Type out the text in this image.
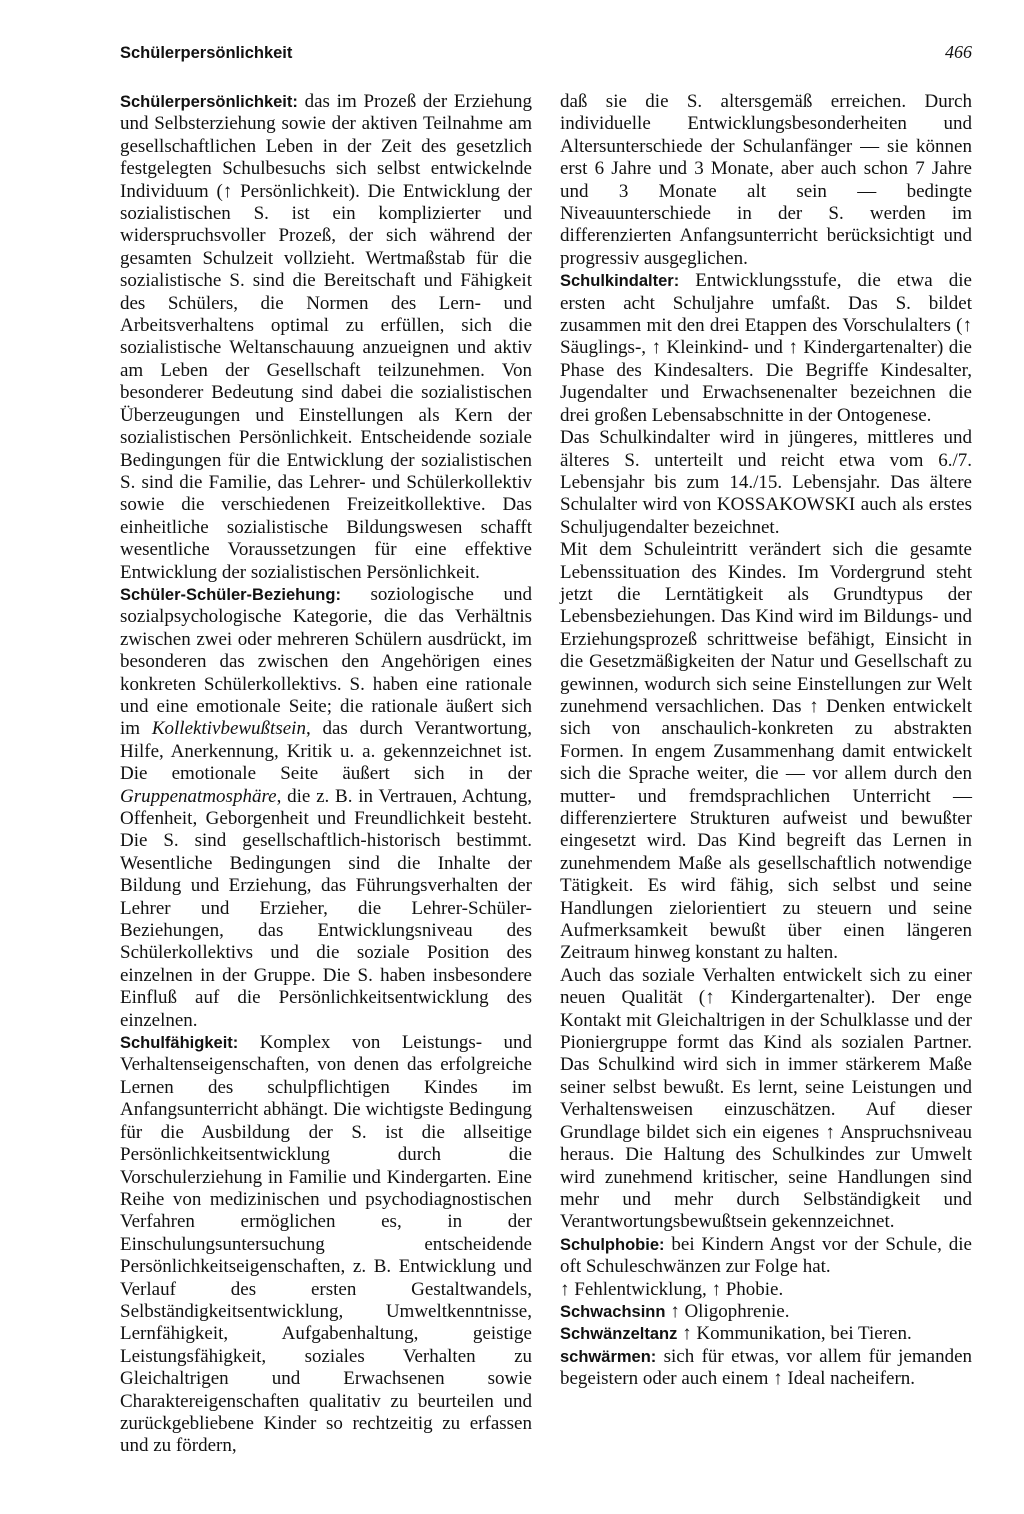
Schülerpersönlichkeit	466

Schülerpersönlichkeit: das im Prozeß der Erziehung und Selbsterziehung sowie der aktiven Teilnahme am gesellschaftlichen Leben in der Zeit des gesetzlich festgelegten Schulbesuchs sich selbst entwickelnde Individuum (↑ Persönlichkeit). Die Entwicklung der sozialistischen S. ist ein komplizierter und widerspruchsvoller Prozeß, der sich während der gesamten Schulzeit vollzieht. Wertmaßstab für die sozialistische S. sind die Bereitschaft und Fähigkeit des Schülers, die Normen des Lern- und Arbeitsverhaltens optimal zu erfüllen, sich die sozialistische Weltanschauung anzueignen und aktiv am Leben der Gesellschaft teilzunehmen. Von besonderer Bedeutung sind dabei die sozialistischen Überzeugungen und Einstellungen als Kern der sozialistischen Persönlichkeit. Entscheidende soziale Bedingungen für die Entwicklung der sozialistischen S. sind die Familie, das Lehrer- und Schülerkollektiv sowie die verschiedenen Freizeitkollektive. Das einheitliche sozialistische Bildungswesen schafft wesentliche Voraussetzungen für eine effektive Entwicklung der sozialistischen Persönlichkeit.

Schüler-Schüler-Beziehung: soziologische und sozialpsychologische Kategorie, die das Verhältnis zwischen zwei oder mehreren Schülern ausdrückt, im besonderen das zwischen den Angehörigen eines konkreten Schülerkollektivs. S. haben eine rationale und eine emotionale Seite; die rationale äußert sich im Kollektivbewußtsein, das durch Verantwortung, Hilfe, Anerkennung, Kritik u. a. gekennzeichnet ist. Die emotionale Seite äußert sich in der Gruppenatmosphäre, die z. B. in Vertrauen, Achtung, Offenheit, Geborgenheit und Freundlichkeit besteht. Die S. sind gesellschaftlich-historisch bestimmt. Wesentliche Bedingungen sind die Inhalte der Bildung und Erziehung, das Führungsverhalten der Lehrer und Erzieher, die Lehrer-Schüler-Beziehungen, das Entwicklungsniveau des Schülerkollektivs und die soziale Position des einzelnen in der Gruppe. Die S. haben insbesondere Einfluß auf die Persönlichkeitsentwicklung des einzelnen.

Schulfähigkeit: Komplex von Leistungs- und Verhaltenseigenschaften, von denen das erfolgreiche Lernen des schulpflichtigen Kindes im Anfangsunterricht abhängt. Die wichtigste Bedingung für die Ausbildung der S. ist die allseitige Persönlichkeitsentwicklung durch die Vorschulerziehung in Familie und Kindergarten. Eine Reihe von medizinischen und psychodiagnostischen Verfahren ermöglichen es, in der Einschulungsuntersuchung entscheidende Persönlichkeitseigenschaften, z. B. Entwicklung und Verlauf des ersten Gestaltwandels, Selbständigkeitsentwicklung, Umweltkenntnisse, Lernfähigkeit, Aufgabenhaltung, geistige Leistungsfähigkeit, soziales Verhalten zu Gleichaltrigen und Erwachsenen sowie Charaktereigenschaften qualitativ zu beurteilen und zurückgebliebene Kinder so rechtzeitig zu erfassen und zu fördern,

daß sie die S. altersgemäß erreichen. Durch individuelle Entwicklungsbesonderheiten und Altersunterschiede der Schulanfänger — sie können erst 6 Jahre und 3 Monate, aber auch schon 7 Jahre und 3 Monate alt sein — bedingte Niveauunterschiede in der S. werden im differenzierten Anfangsunterricht berücksichtigt und progressiv ausgeglichen.

Schulkindalter: Entwicklungsstufe, die etwa die ersten acht Schuljahre umfaßt. Das S. bildet zusammen mit den drei Etappen des Vorschulalters (↑ Säuglings-, ↑ Kleinkind- und ↑ Kindergartenalter) die Phase des Kindesalters. Die Begriffe Kindesalter, Jugendalter und Erwachsenenalter bezeichnen die drei großen Lebensabschnitte in der Ontogenese.

Das Schulkindalter wird in jüngeres, mittleres und älteres S. unterteilt und reicht etwa vom 6./7. Lebensjahr bis zum 14./15. Lebensjahr. Das ältere Schulalter wird von KOSSAKOWSKI auch als erstes Schuljugendalter bezeichnet.

Mit dem Schuleintritt verändert sich die gesamte Lebenssituation des Kindes. Im Vordergrund steht jetzt die Lerntätigkeit als Grundtypus der Lebensbeziehungen. Das Kind wird im Bildungs- und Erziehungsprozeß schrittweise befähigt, Einsicht in die Gesetzmäßigkeiten der Natur und Gesellschaft zu gewinnen, wodurch sich seine Einstellungen zur Welt zunehmend versachlichen. Das ↑ Denken entwickelt sich von anschaulich-konkreten zu abstrakten Formen. In engem Zusammenhang damit entwickelt sich die Sprache weiter, die — vor allem durch den mutter- und fremdsprachlichen Unterricht — differenziertere Strukturen aufweist und bewußter eingesetzt wird. Das Kind begreift das Lernen in zunehmendem Maße als gesellschaftlich notwendige Tätigkeit. Es wird fähig, sich selbst und seine Handlungen zielorientiert zu steuern und seine Aufmerksamkeit bewußt über einen längeren Zeitraum hinweg konstant zu halten.

Auch das soziale Verhalten entwickelt sich zu einer neuen Qualität (↑ Kindergartenalter). Der enge Kontakt mit Gleichaltrigen in der Schulklasse und der Pioniergruppe formt das Kind als sozialen Partner. Das Schulkind wird sich in immer stärkerem Maße seiner selbst bewußt. Es lernt, seine Leistungen und Verhaltensweisen einzuschätzen. Auf dieser Grundlage bildet sich ein eigenes ↑ Anspruchsniveau heraus. Die Haltung des Schulkindes zur Umwelt wird zunehmend kritischer, seine Handlungen sind mehr und mehr durch Selbständigkeit und Verantwortungsbewußtsein gekennzeichnet.

Schulphobie: bei Kindern Angst vor der Schule, die oft Schuleschwänzen zur Folge hat.

↑ Fehlentwicklung, ↑ Phobie.

Schwachsinn ↑ Oligophrenie.

Schwänzeltanz ↑ Kommunikation, bei Tieren.

schwärmen: sich für etwas, vor allem für jemanden begeistern oder auch einem ↑ Ideal nacheifern.
